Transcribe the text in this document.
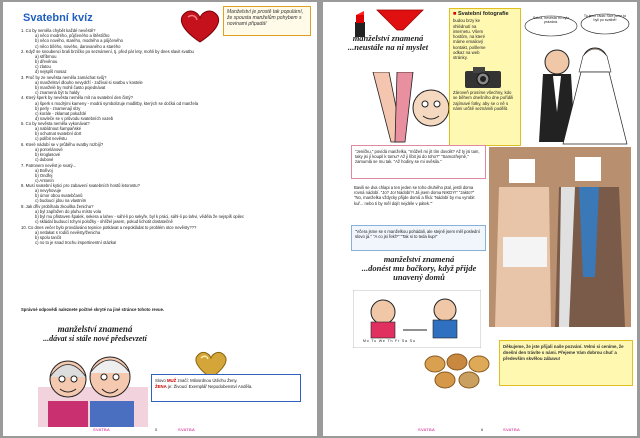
Svatební kvíz	Manželství je prostě tak populární, že spousta manželům pohybem s novinami připadá!
1. Co by neměla chybět každé nevěstě?
a) něco modrého, půjčeného a štěstíčko
b) něco nového, starého, modrého a půjčeného
c) něco bílého, nového, darovaného a starého
2. Když se snoubenci brali brzičko po seznámení, tj. před pár lety, mohli by dnes slavit svatbu
a) stříbrnou
b) dřevěnou
c) zlatou
d) nejspíš mosaz
3. Proč by ze nevěsta neměla zamáchat svůj?
a) manželství dlouho nevydrží - zažíval si svatbu v kostele
b) manželé by mohli často pojednávat
c) znamená být tu haldy
4. Který šperk by nevěsta neměla mít na svatební den čistý?
a) šperk s modrými kameny - modrá symbolizuje modlitby, kterých se dočká od manžela
b) perly - znamenají slzy
c) korále - zklamat pokaždé
d) navleče se v průvodu svatebních vazeb
5. Co by nevěsta neměla vykonávat?
a) nabídnout šampaňské
b) ochutnat svatební dort
c) políbit nevěstu
6. Které nádobí se v průběhu svatby rozbíjí?
a) porcelánové
b) kroglasové
c) dubové
7. Patronem nevěst je svatý...
a) Bořivoj
b) Ondřej
c) Antonín
8. Musí svatební kytici pro zabavení svatebních hostů letorostu?
a) nevyhovuje
b) úmor obou svatebčanů
c) budoucí jdou na vlastním
9. Jak dřív probíhala zkouška ženicha?
a) byl zapřažen do pluhu místo vola
b) byl mu přistaven špalek, sekera a lahev - sáhl-li po sekyře, byl k práci, sáhl-li po lahvi, věděla že nejspíš opilec
c) skládal budoucí tchyni položky - ohlížel jasem, pokud lichotit dostatečně
10. Co dnes večer bylo provdáváno tepnice potkávat a nepokládat to problém otce nevěsty???
a) netlakat s rodiči nevěsty/ženicha
b) spolu tančit
c) no to je snad trochu impertinentní otázka!
Správné odpovědi naleznete počtné skryté na jiné stránce tohoto revue.
manželství znamená
...dávat si stále nové předsevzetí
Slovo MUŽ značí: Milosrdnou Útěchu Ženy.
ŽENA je: Živoucí Exemplář Nepodobenství Anděla.
SVATBA	5	SVATBA
manželství znamená
...neustále na ni myslet
■ Svatební fotografie
budou brzy ke shlédnutí na internetu. Všem hostům, na které máme emailový kontakt, pošleme odkaz na web stránky.
Zároveň prosíme všechny, kdo se během dnešního dne pořídili zajímavé fotky, aby se o ně s námi určitě seznámili podělit.
Sakra, nevěsta mi bylo prázdná.
To jsem ráda! Sice jsme to byli po svatbě!
"Jeničku," povídá manželka, "můžeš mi jít tím dovolit? Až ty jsi tam, taky jsi jí koupil k tomu? Až ji líbit jsi do toho?" "Samozřejmě," zamumlá se mu tak. "Až hodiny se mi ověsila."
Bavili se dva chlapi a ten jeden se toho druhého ptal, jestli doma rovná nádobí. "Jo? Jo! Nádobí?! Já jsem doma NIKDY!" "Jakto?" "No, manželka vždycky přijde domů a říká: 'Nádobí by mu vyrobit kuř... nebo ti by měl dojít nejdéle v pátek.'"
"Včera jsme se s manželkou pohádali, ale stejně jsem měl poslední slovo já." "A co jsi řekl?" "Tak si to teda kup!"
manželství znamená
...donést mu bačkory, když přijde unavený domů
Mo Tu We Th Fr Sa Su
Děkujeme, že jste přijali naše pozvání. Velmi si ceníme, že dnešní den trávíte s námi. Přejeme Vám dobrou chuť a především skvělou zábavu!
SVATBA	6	SVATBA
